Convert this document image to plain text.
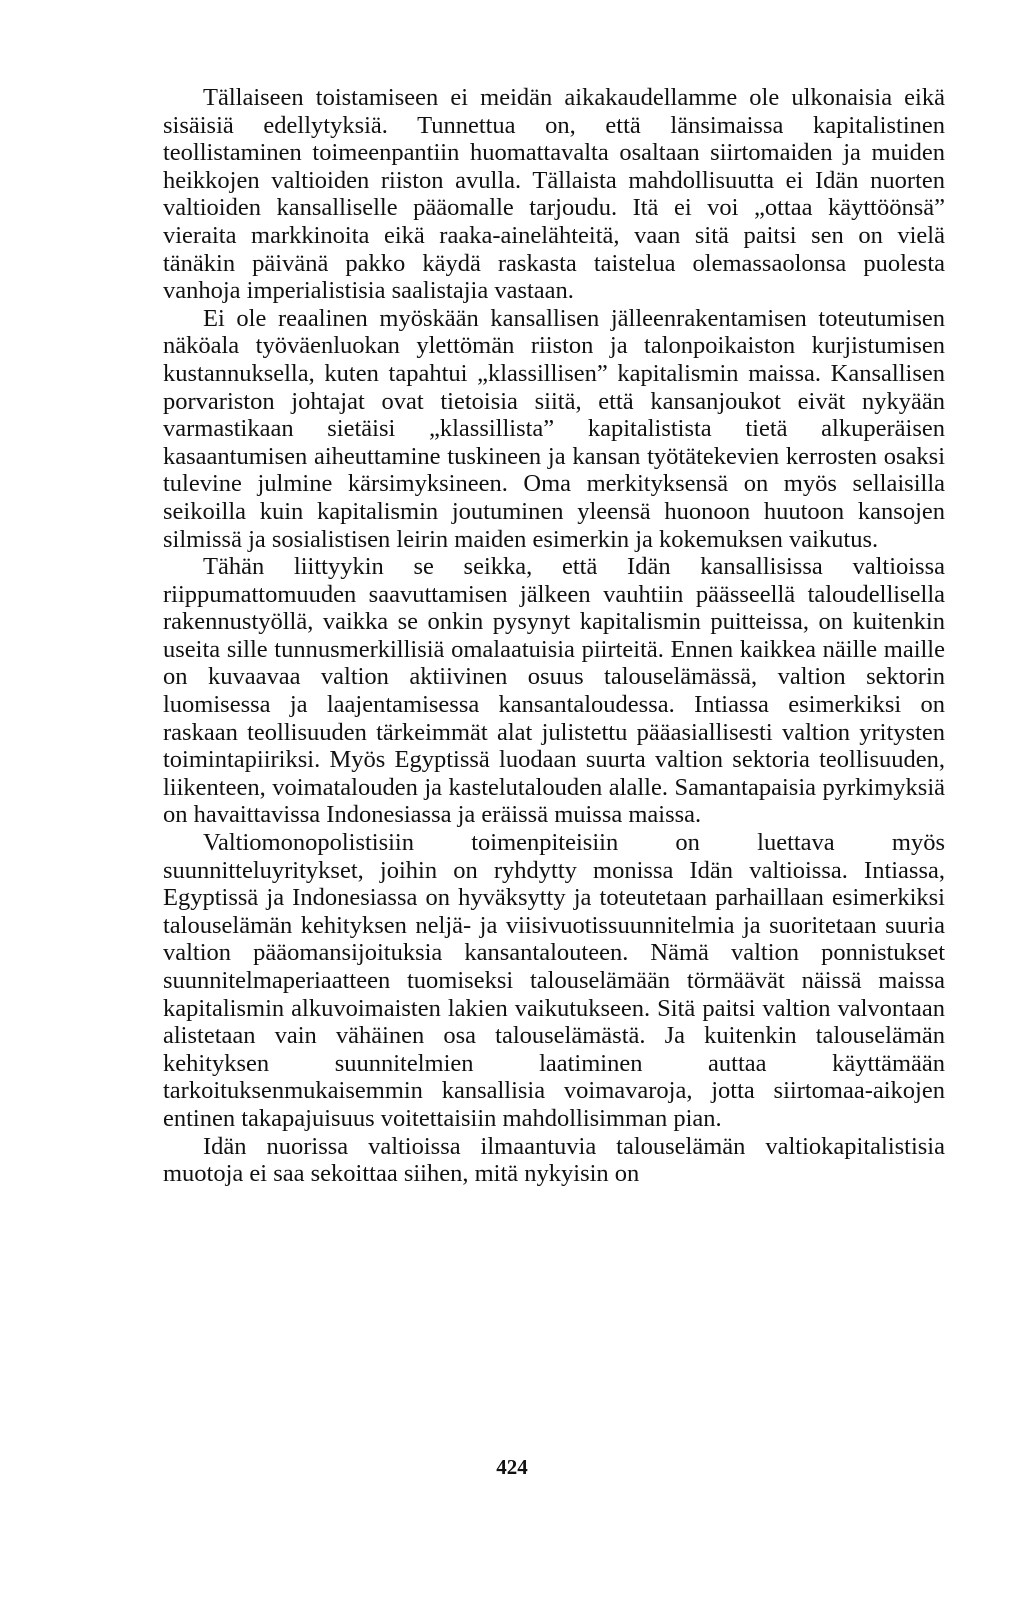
Tällaiseen toistamiseen ei meidän aikakaudellamme ole ulkonaisia eikä sisäisiä edellytyksiä. Tunnettua on, että länsimaissa kapitalistinen teollistaminen toimeenpantiin huomattavalta osaltaan siirtomaiden ja muiden heikkojen valtioiden riiston avulla. Tällaista mahdollisuutta ei Idän nuorten valtioiden kansalliselle pääomalle tarjoudu. Itä ei voi „ottaa käyttöönsä” vieraita markkinoita eikä raaka-ainelähteitä, vaan sitä paitsi sen on vielä tänäkin päivänä pakko käydä raskasta taistelua olemassaolonsa puolesta vanhoja imperialistisia saalistajia vastaan.

Ei ole reaalinen myöskään kansallisen jälleenrakentamisen toteutumisen näköala työväenluokan ylettömän riiston ja talonpoikaiston kurjistumisen kustannuksella, kuten tapahtui „klassillisen” kapitalismin maissa. Kansallisen porvariston johtajat ovat tietoisia siitä, että kansanjoukot eivät nykyään varmastikaan sietäisi „klassillista” kapitalistista tietä alkuperäisen kasaantumisen aiheuttamine tuskineen ja kansan työtätekevien kerrosten osaksi tulevine julmine kärsimyksineen. Oma merkityksensä on myös sellaisilla seikoilla kuin kapitalismin joutuminen yleensä huonoon huutoon kansojen silmissä ja sosialistisen leirin maiden esimerkin ja kokemuksen vaikutus.

Tähän liittyykin se seikka, että Idän kansallisissa valtioissa riippumattomuuden saavuttamisen jälkeen vauhtiin päässeellä taloudellisella rakennustyöllä, vaikka se onkin pysynyt kapitalismin puitteissa, on kuitenkin useita sille tunnusmerkillisiä omalaatuisia piirteitä. Ennen kaikkea näille maille on kuvaavaa valtion aktiivinen osuus talouselämässä, valtion sektorin luomisessa ja laajentamisessa kansantaloudessa. Intiassa esimerkiksi on raskaan teollisuuden tärkeimmät alat julistettu pääasiallisesti valtion yritysten toimintapiiriksi. Myös Egyptissä luodaan suurta valtion sektoria teollisuuden, liikenteen, voimatalouden ja kastelutalouden alalle. Samantapaisia pyrkimyksiä on havaittavissa Indonesiassa ja eräissä muissa maissa.

Valtiomonopolistisiin toimenpiteisiin on luettava myös suunnitteluyritykset, joihin on ryhdytty monissa Idän valtioissa. Intiassa, Egyptissä ja Indonesiassa on hyväksytty ja toteutetaan parhaillaan esimerkiksi talouselämän kehityksen neljä- ja viisivuotissuunnitelmia ja suoritetaan suuria valtion pääomansijoituksia kansantalouteen. Nämä valtion ponnistukset suunnitelmaperiaatteen tuomiseksi talouselämään törmäävät näissä maissa kapitalismin alkuvoimaisten lakien vaikutukseen. Sitä paitsi valtion valvontaan alistetaan vain vähäinen osa talouselämästä. Ja kuitenkin talouselämän kehityksen suunnitelmien laatiminen auttaa käyttämään tarkoituksenmukaisemmin kansallisia voimavaroja, jotta siirtomaa-aikojen entinen takapajuisuus voitettaisiin mahdollisimman pian.

Idän nuorissa valtioissa ilmaantuvia talouselämän valtiokapitalistisia muotoja ei saa sekoittaa siihen, mitä nykyisin on

424
